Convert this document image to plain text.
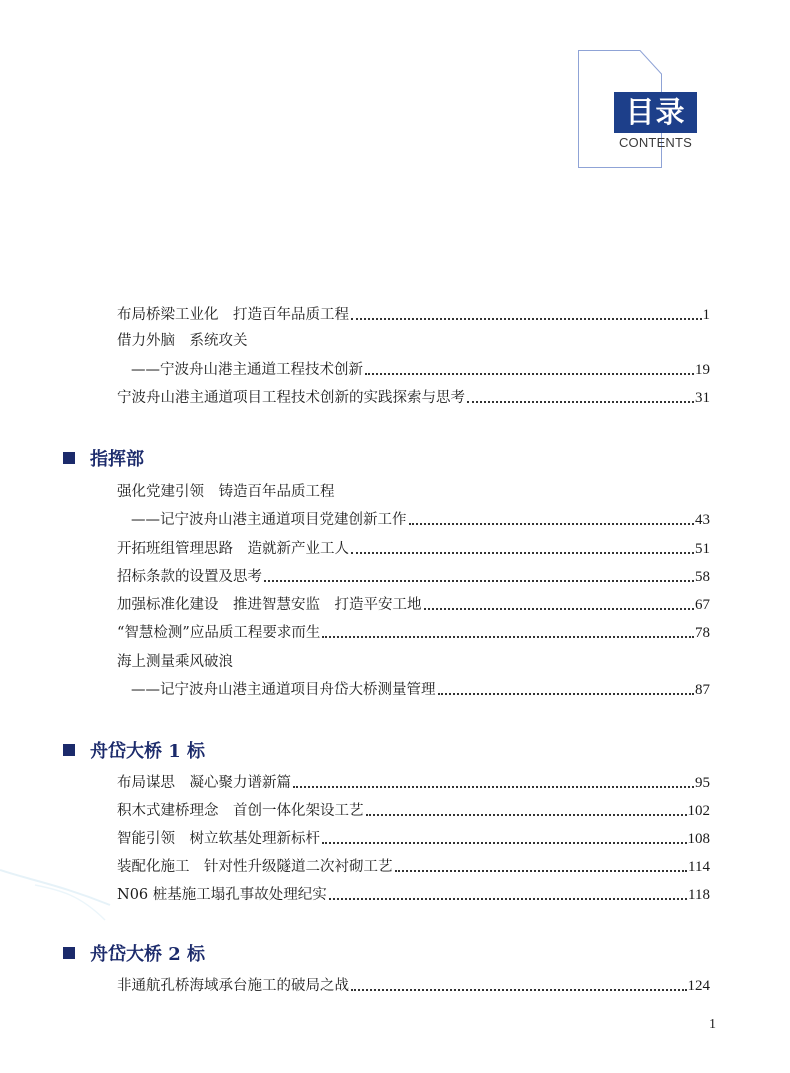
目录
CONTENTS
布局桥梁工业化　打造百年品质工程	1
借力外脑　系统攻关
——宁波舟山港主通道工程技术创新	19
宁波舟山港主通道项目工程技术创新的实践探索与思考	31
指挥部
强化党建引领　铸造百年品质工程
——记宁波舟山港主通道项目党建创新工作	43
开拓班组管理思路　造就新产业工人	51
招标条款的设置及思考	58
加强标准化建设　推进智慧安监　打造平安工地	67
“智慧检测”应品质工程要求而生	78
海上测量乘风破浪
——记宁波舟山港主通道项目舟岱大桥测量管理	87
舟岱大桥 1 标
布局谋思　凝心聚力谱新篇	95
积木式建桥理念　首创一体化架设工艺	102
智能引领　树立软基处理新标杆	108
装配化施工　针对性升级隧道二次衬砌工艺	114
N06 桩基施工塌孔事故处理纪实	118
舟岱大桥 2 标
非通航孔桥海域承台施工的破局之战	124
1
